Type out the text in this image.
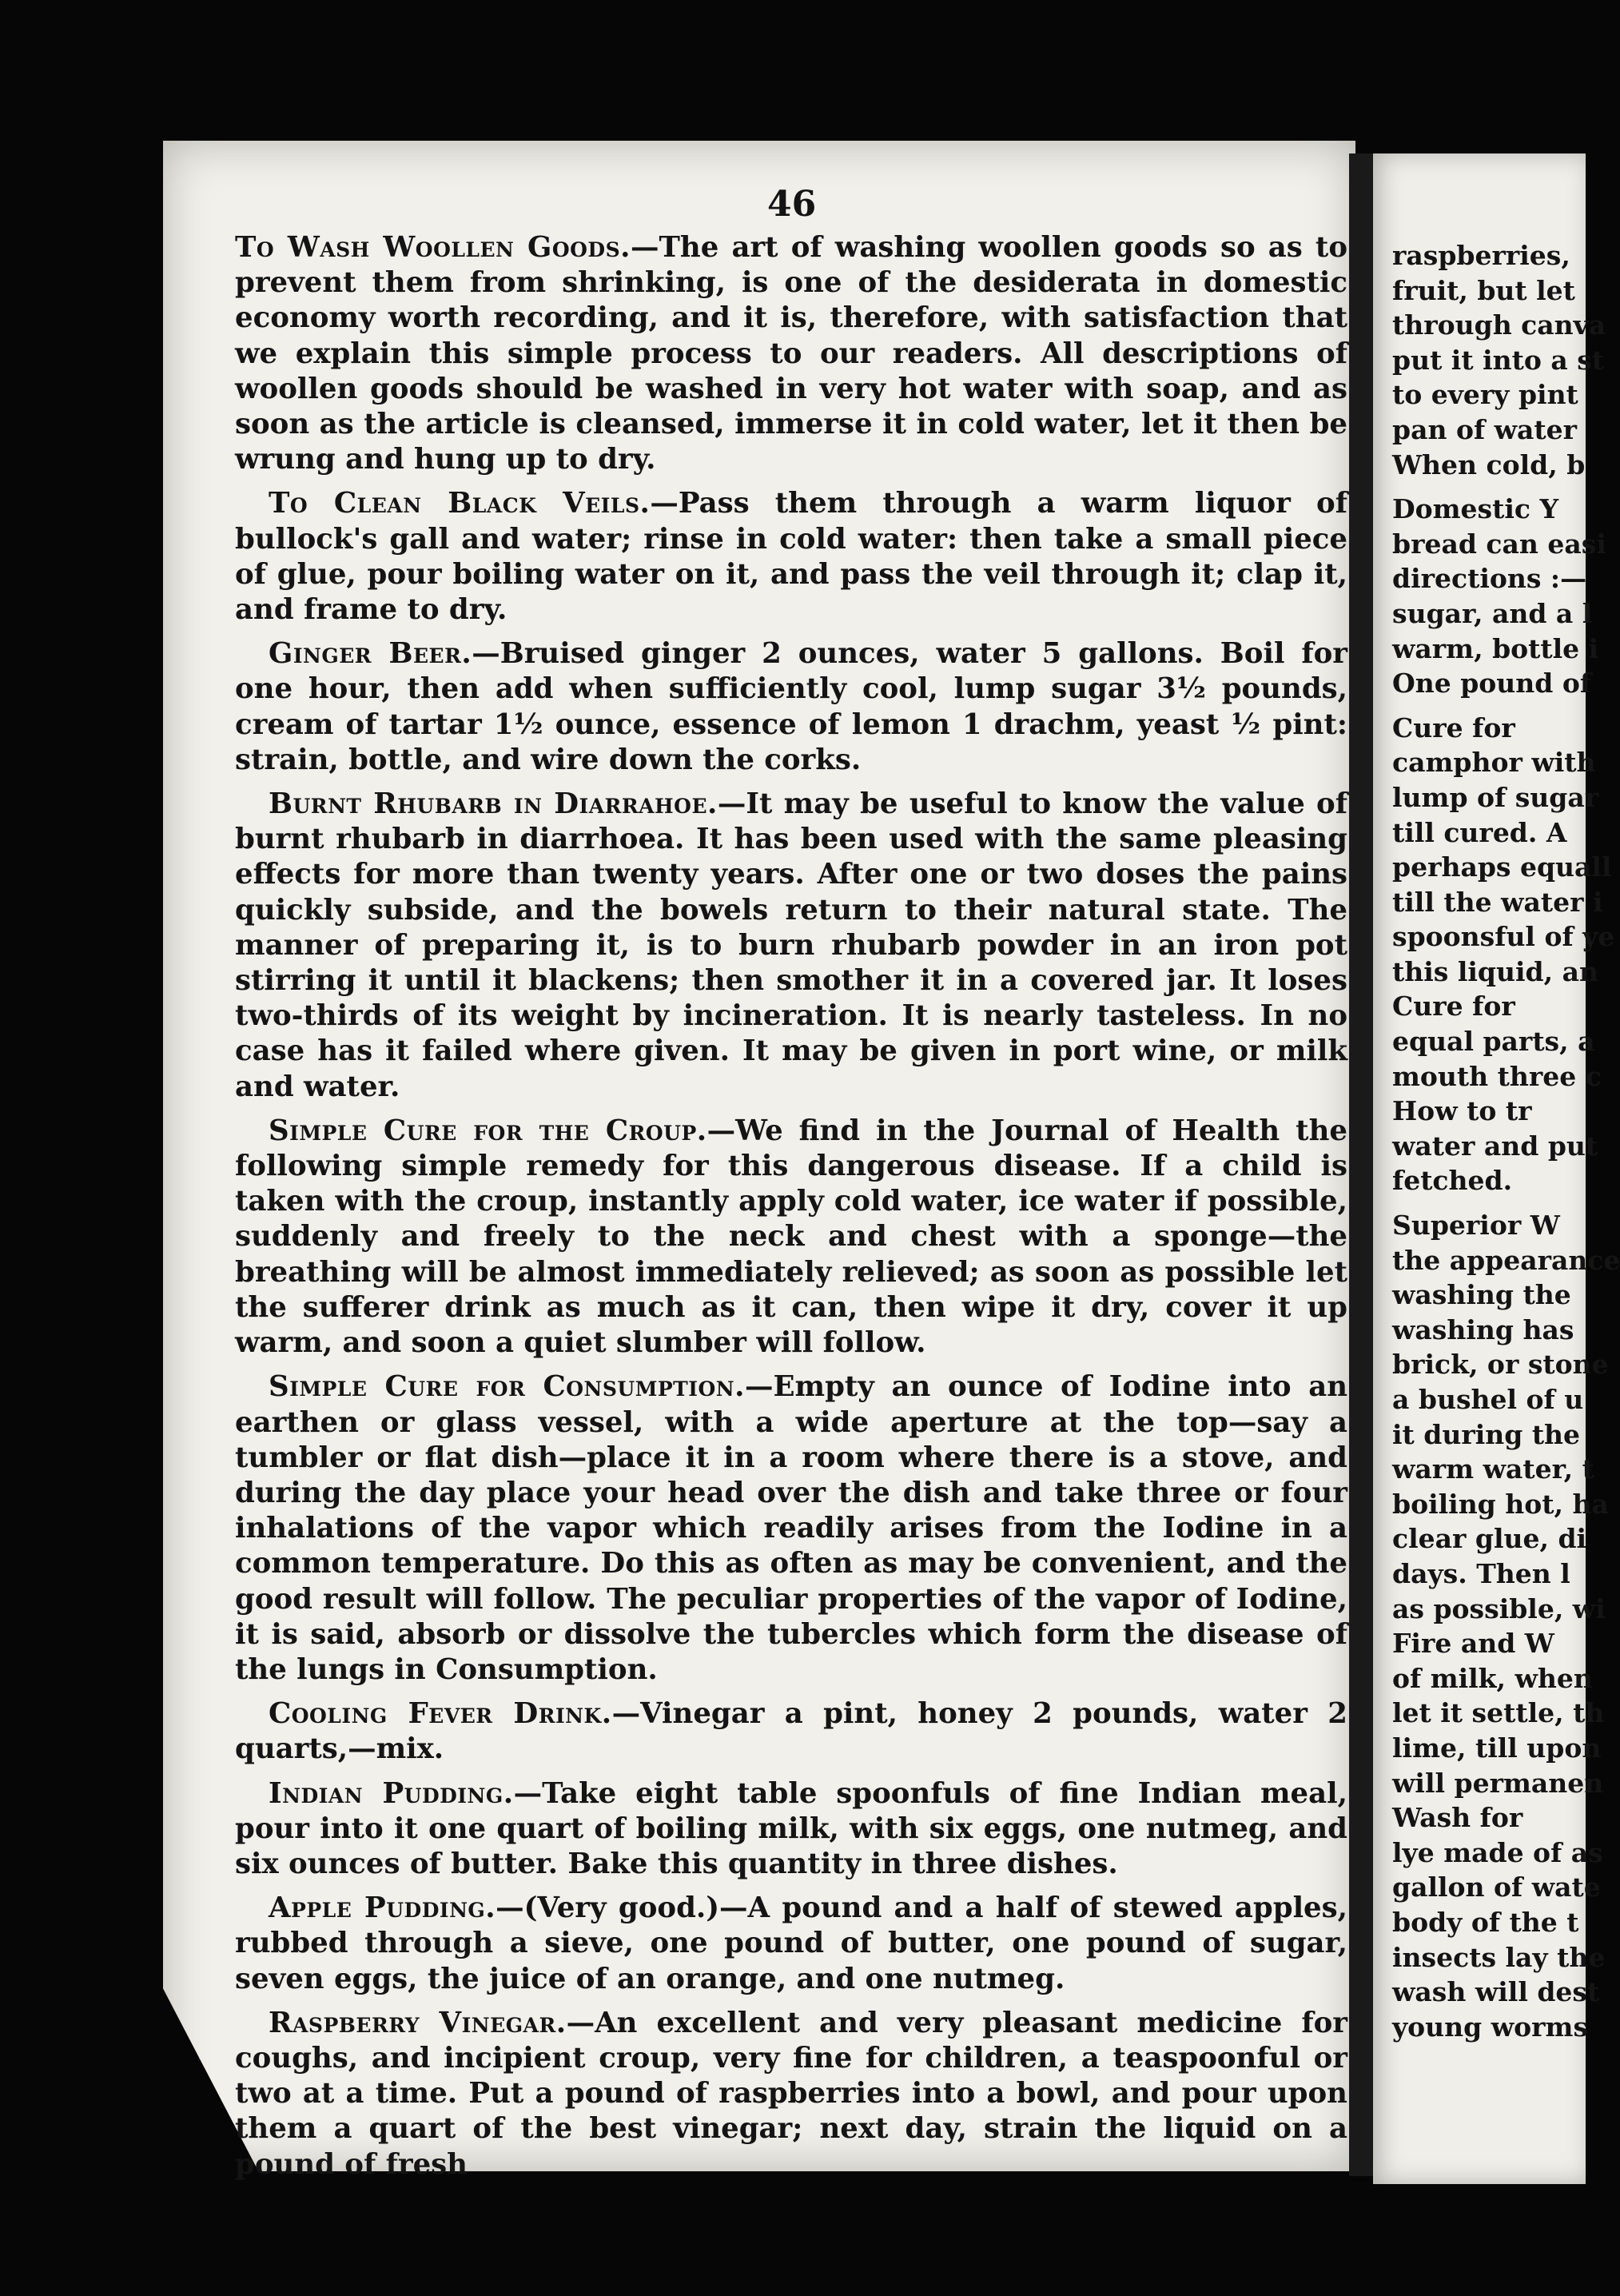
46

To Wash Woollen Goods.—The art of washing woollen goods so as to prevent them from shrinking, is one of the desiderata in domestic economy worth recording, and it is, therefore, with satisfaction that we explain this simple process to our readers. All descriptions of woollen goods should be washed in very hot water with soap, and as soon as the article is cleansed, immerse it in cold water, let it then be wrung and hung up to dry.

To Clean Black Veils.—Pass them through a warm liquor of bullock's gall and water; rinse in cold water: then take a small piece of glue, pour boiling water on it, and pass the veil through it; clap it, and frame to dry.

Ginger Beer.—Bruised ginger 2 ounces, water 5 gallons. Boil for one hour, then add when sufficiently cool, lump sugar 3½ pounds, cream of tartar 1½ ounce, essence of lemon 1 drachm, yeast ½ pint: strain, bottle, and wire down the corks.

Burnt Rhubarb in Diarrahoe.—It may be useful to know the value of burnt rhubarb in diarrhoea. It has been used with the same pleasing effects for more than twenty years. After one or two doses the pains quickly subside, and the bowels return to their natural state. The manner of preparing it, is to burn rhubarb powder in an iron pot stirring it until it blackens; then smother it in a covered jar. It loses two-thirds of its weight by incineration. It is nearly tasteless. In no case has it failed where given. It may be given in port wine, or milk and water.

Simple Cure for the Croup.—We find in the Journal of Health the following simple remedy for this dangerous disease. If a child is taken with the croup, instantly apply cold water, ice water if possible, suddenly and freely to the neck and chest with a sponge—the breathing will be almost immediately relieved; as soon as possible let the sufferer drink as much as it can, then wipe it dry, cover it up warm, and soon a quiet slumber will follow.

Simple Cure for Consumption.—Empty an ounce of Iodine into an earthen or glass vessel, with a wide aperture at the top—say a tumbler or flat dish—place it in a room where there is a stove, and during the day place your head over the dish and take three or four inhalations of the vapor which readily arises from the Iodine in a common temperature. Do this as often as may be convenient, and the good result will follow. The peculiar properties of the vapor of Iodine, it is said, absorb or dissolve the tubercles which form the disease of the lungs in Consumption.

Cooling Fever Drink.—Vinegar a pint, honey 2 pounds, water 2 quarts,—mix.

Indian Pudding.—Take eight table spoonfuls of fine Indian meal, pour into it one quart of boiling milk, with six eggs, one nutmeg, and six ounces of butter. Bake this quantity in three dishes.

Apple Pudding.—(Very good.)—A pound and a half of stewed apples, rubbed through a sieve, one pound of butter, one pound of sugar, seven eggs, the juice of an orange, and one nutmeg.

Raspberry Vinegar.—An excellent and very pleasant medicine for coughs, and incipient croup, very fine for children, a teaspoonful or two at a time. Put a pound of raspberries into a bowl, and pour upon them a quart of the best vinegar; next day, strain the liquid on a pound of fresh

raspberries,
fruit, but let
through canva
put it into a st
to every pint
pan of water
When cold, b
Domestic Y
bread can easi
directions :—
sugar, and a l
warm, bottle i
One pound of
Cure for
camphor with
lump of sugar
till cured. A
perhaps equall
till the water i
spoonsful of ye
this liquid, an
Cure for
equal parts, a
mouth three c
How to tr
water and put
fetched.
Superior W
the appearance
washing the
washing has
brick, or stone
a bushel of u
it during the
warm water, t
boiling hot, ha
clear glue, di
days. Then l
as possible, wi
Fire and W
of milk, when
let it settle, th
lime, till upon
will permanen
Wash for
lye made of as
gallon of wate
body of the t
insects lay the
wash will dest
young worms
